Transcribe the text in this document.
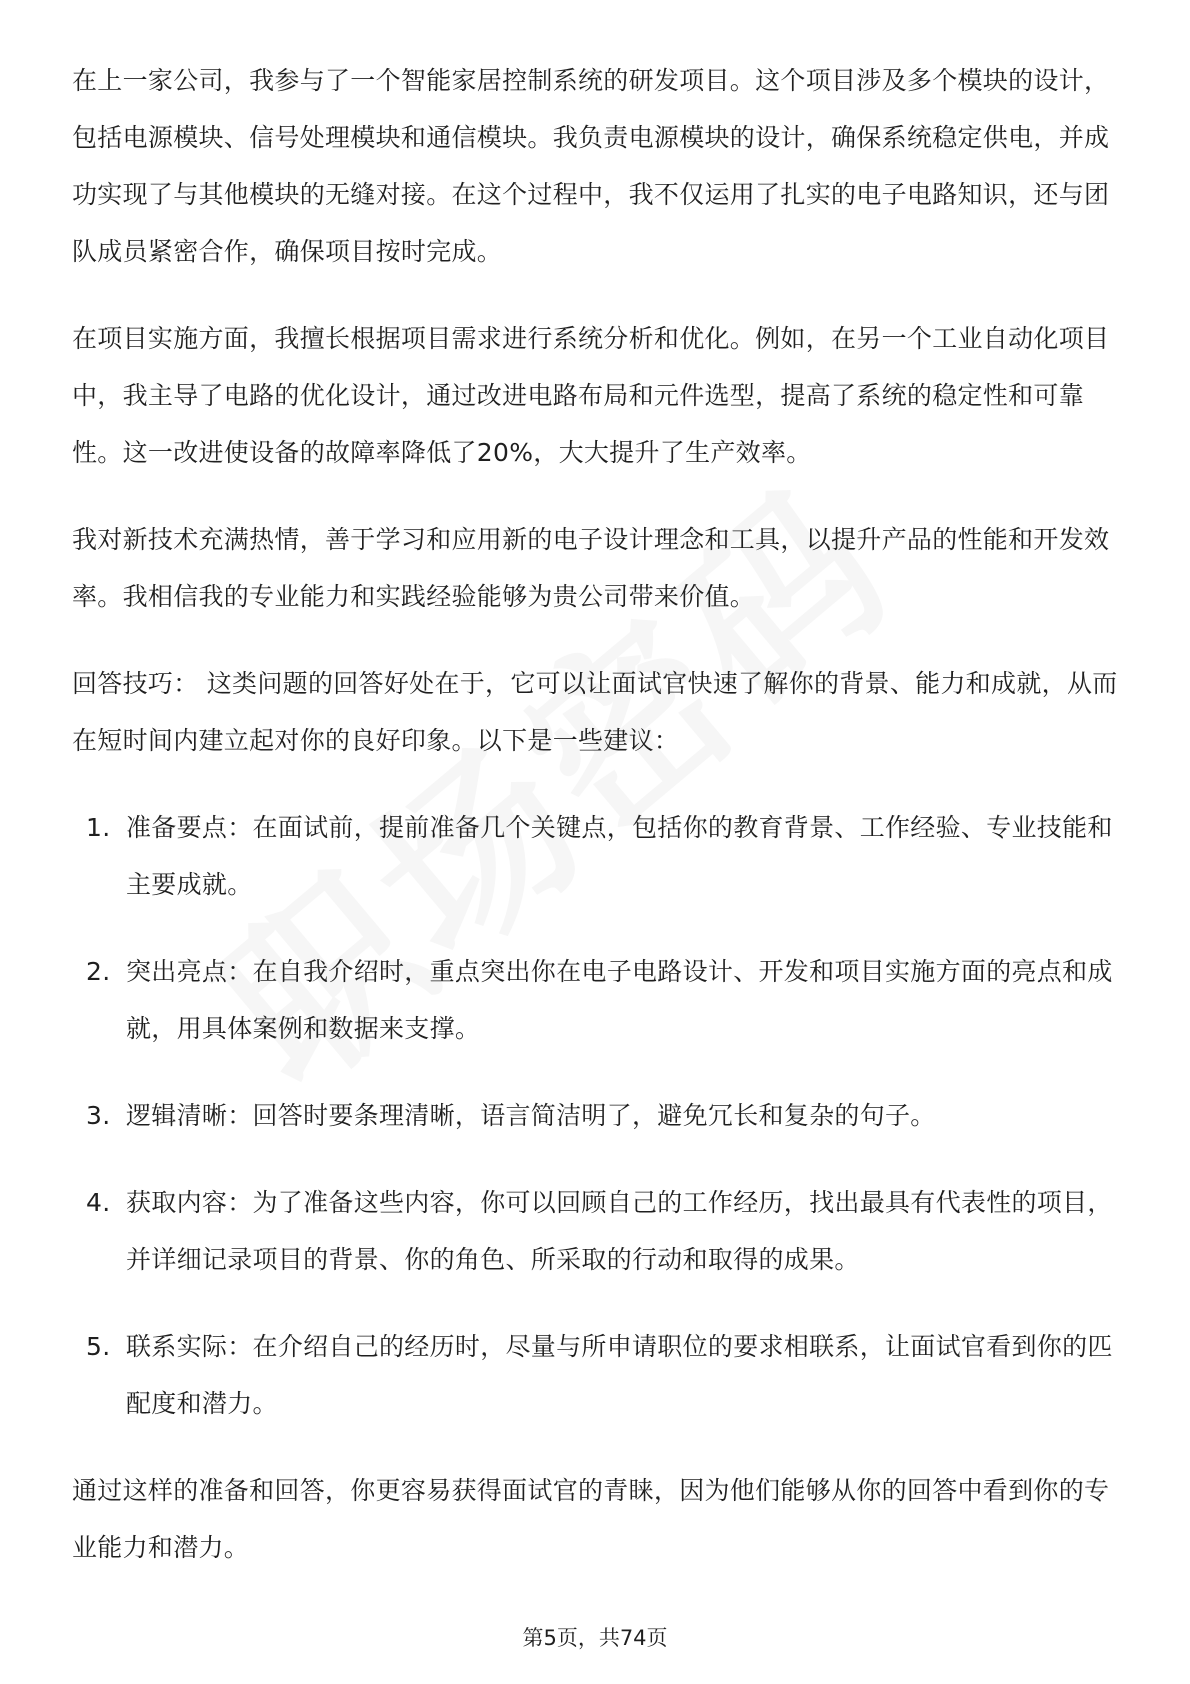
在上一家公司，我参与了一个智能家居控制系统的研发项目。这个项目涉及多个模块的设计，包括电源模块、信号处理模块和通信模块。我负责电源模块的设计，确保系统稳定供电，并成功实现了与其他模块的无缝对接。在这个过程中，我不仅运用了扎实的电子电路知识，还与团队成员紧密合作，确保项目按时完成。

在项目实施方面，我擅长根据项目需求进行系统分析和优化。例如，在另一个工业自动化项目中，我主导了电路的优化设计，通过改进电路布局和元件选型，提高了系统的稳定性和可靠性。这一改进使设备的故障率降低了20%，大大提升了生产效率。

我对新技术充满热情，善于学习和应用新的电子设计理念和工具，以提升产品的性能和开发效率。我相信我的专业能力和实践经验能够为贵公司带来价值。

回答技巧： 这类问题的回答好处在于，它可以让面试官快速了解你的背景、能力和成就，从而在短时间内建立起对你的良好印象。以下是一些建议：

1. 准备要点：在面试前，提前准备几个关键点，包括你的教育背景、工作经验、专业技能和主要成就。
2. 突出亮点：在自我介绍时，重点突出你在电子电路设计、开发和项目实施方面的亮点和成就，用具体案例和数据来支撑。
3. 逻辑清晰：回答时要条理清晰，语言简洁明了，避免冗长和复杂的句子。
4. 获取内容：为了准备这些内容，你可以回顾自己的工作经历，找出最具有代表性的项目，并详细记录项目的背景、你的角色、所采取的行动和取得的成果。
5. 联系实际：在介绍自己的经历时，尽量与所申请职位的要求相联系，让面试官看到你的匹配度和潜力。

通过这样的准备和回答，你更容易获得面试官的青睐，因为他们能够从你的回答中看到你的专业能力和潜力。

第5页，共74页
